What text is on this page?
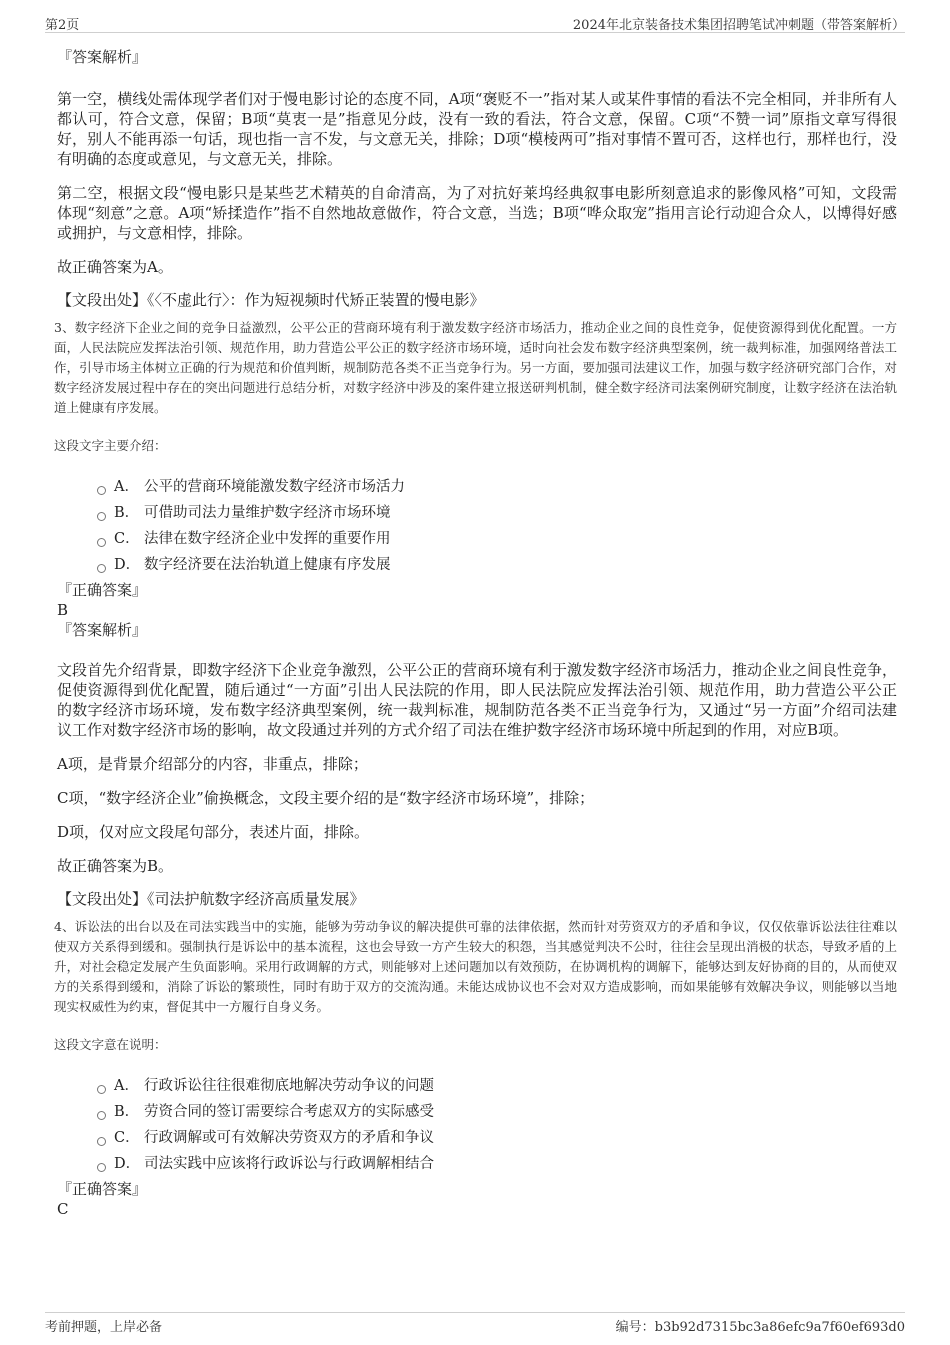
第2页	2024年北京装备技术集团招聘笔试冲刺题（带答案解析）
『答案解析』

第一空，横线处需体现学者们对于慢电影讨论的态度不同，A项“褒贬不一”指对某人或某件事情的看法不完全相同，并非所有人都认可，符合文意，保留；B项“莫衷一是”指意见分歧，没有一致的看法，符合文意，保留。C项“不赞一词”原指文章写得很好，别人不能再添一句话，现也指一言不发，与文意无关，排除；D项“模棱两可”指对事情不置可否，这样也行，那样也行，没有明确的态度或意见，与文意无关，排除。

第二空，根据文段“慢电影只是某些艺术精英的自命清高，为了对抗好莱坞经典叙事电影所刻意追求的影像风格”可知，文段需体现“刻意”之意。A项“矫揉造作”指不自然地故意做作，符合文意，当选；B项“哗众取宠”指用言论行动迎合众人，以博得好感或拥护，与文意相悖，排除。

故正确答案为A。

【文段出处】《〈不虚此行〉：作为短视频时代矫正装置的慢电影》

3、数字经济下企业之间的竞争日益激烈，公平公正的营商环境有利于激发数字经济市场活力，推动企业之间的良性竞争，促使资源得到优化配置。一方面，人民法院应发挥法治引领、规范作用，助力营造公平公正的数字经济市场环境，适时向社会发布数字经济典型案例，统一裁判标准，加强网络普法工作，引导市场主体树立正确的行为规范和价值判断，规制防范各类不正当竞争行为。另一方面，要加强司法建议工作，加强与数字经济研究部门合作，对数字经济发展过程中存在的突出问题进行总结分析，对数字经济中涉及的案件建立报送研判机制，健全数字经济司法案例研究制度，让数字经济在法治轨道上健康有序发展。

这段文字主要介绍：

A． 公平的营商环境能激发数字经济市场活力
B． 可借助司法力量维护数字经济市场环境
C． 法律在数字经济企业中发挥的重要作用
D． 数字经济要在法治轨道上健康有序发展
『正确答案』

B

『答案解析』

文段首先介绍背景，即数字经济下企业竞争激烈，公平公正的营商环境有利于激发数字经济市场活力，推动企业之间良性竞争，促使资源得到优化配置，随后通过“一方面”引出人民法院的作用，即人民法院应发挥法治引领、规范作用，助力营造公平公正的数字经济市场环境，发布数字经济典型案例，统一裁判标准，规制防范各类不正当竞争行为，又通过“另一方面”介绍司法建议工作对数字经济市场的影响，故文段通过并列的方式介绍了司法在维护数字经济市场环境中所起到的作用，对应B项。

A项，是背景介绍部分的内容，非重点，排除；

C项，“数字经济企业”偷换概念，文段主要介绍的是“数字经济市场环境”，排除；

D项，仅对应文段尾句部分，表述片面，排除。

故正确答案为B。

【文段出处】《司法护航数字经济高质量发展》

4、诉讼法的出台以及在司法实践当中的实施，能够为劳动争议的解决提供可靠的法律依据，然而针对劳资双方的矛盾和争议，仅仅依靠诉讼法往往难以使双方关系得到缓和。强制执行是诉讼中的基本流程，这也会导致一方产生较大的积怨，当其感觉判决不公时，往往会呈现出消极的状态，导致矛盾的上升，对社会稳定发展产生负面影响。采用行政调解的方式，则能够对上述问题加以有效预防，在协调机构的调解下，能够达到友好协商的目的，从而使双方的关系得到缓和，消除了诉讼的繁琐性，同时有助于双方的交流沟通。未能达成协议也不会对双方造成影响，而如果能够有效解决争议，则能够以当地现实权威性为约束，督促其中一方履行自身义务。

这段文字意在说明：

A． 行政诉讼往往很难彻底地解决劳动争议的问题
B． 劳资合同的签订需要综合考虑双方的实际感受
C． 行政调解或可有效解决劳资双方的矛盾和争议
D． 司法实践中应该将行政诉讼与行政调解相结合
『正确答案』

C

考前押题，上岸必备	编号：b3b92d7315bc3a86efc9a7f60ef693d0
